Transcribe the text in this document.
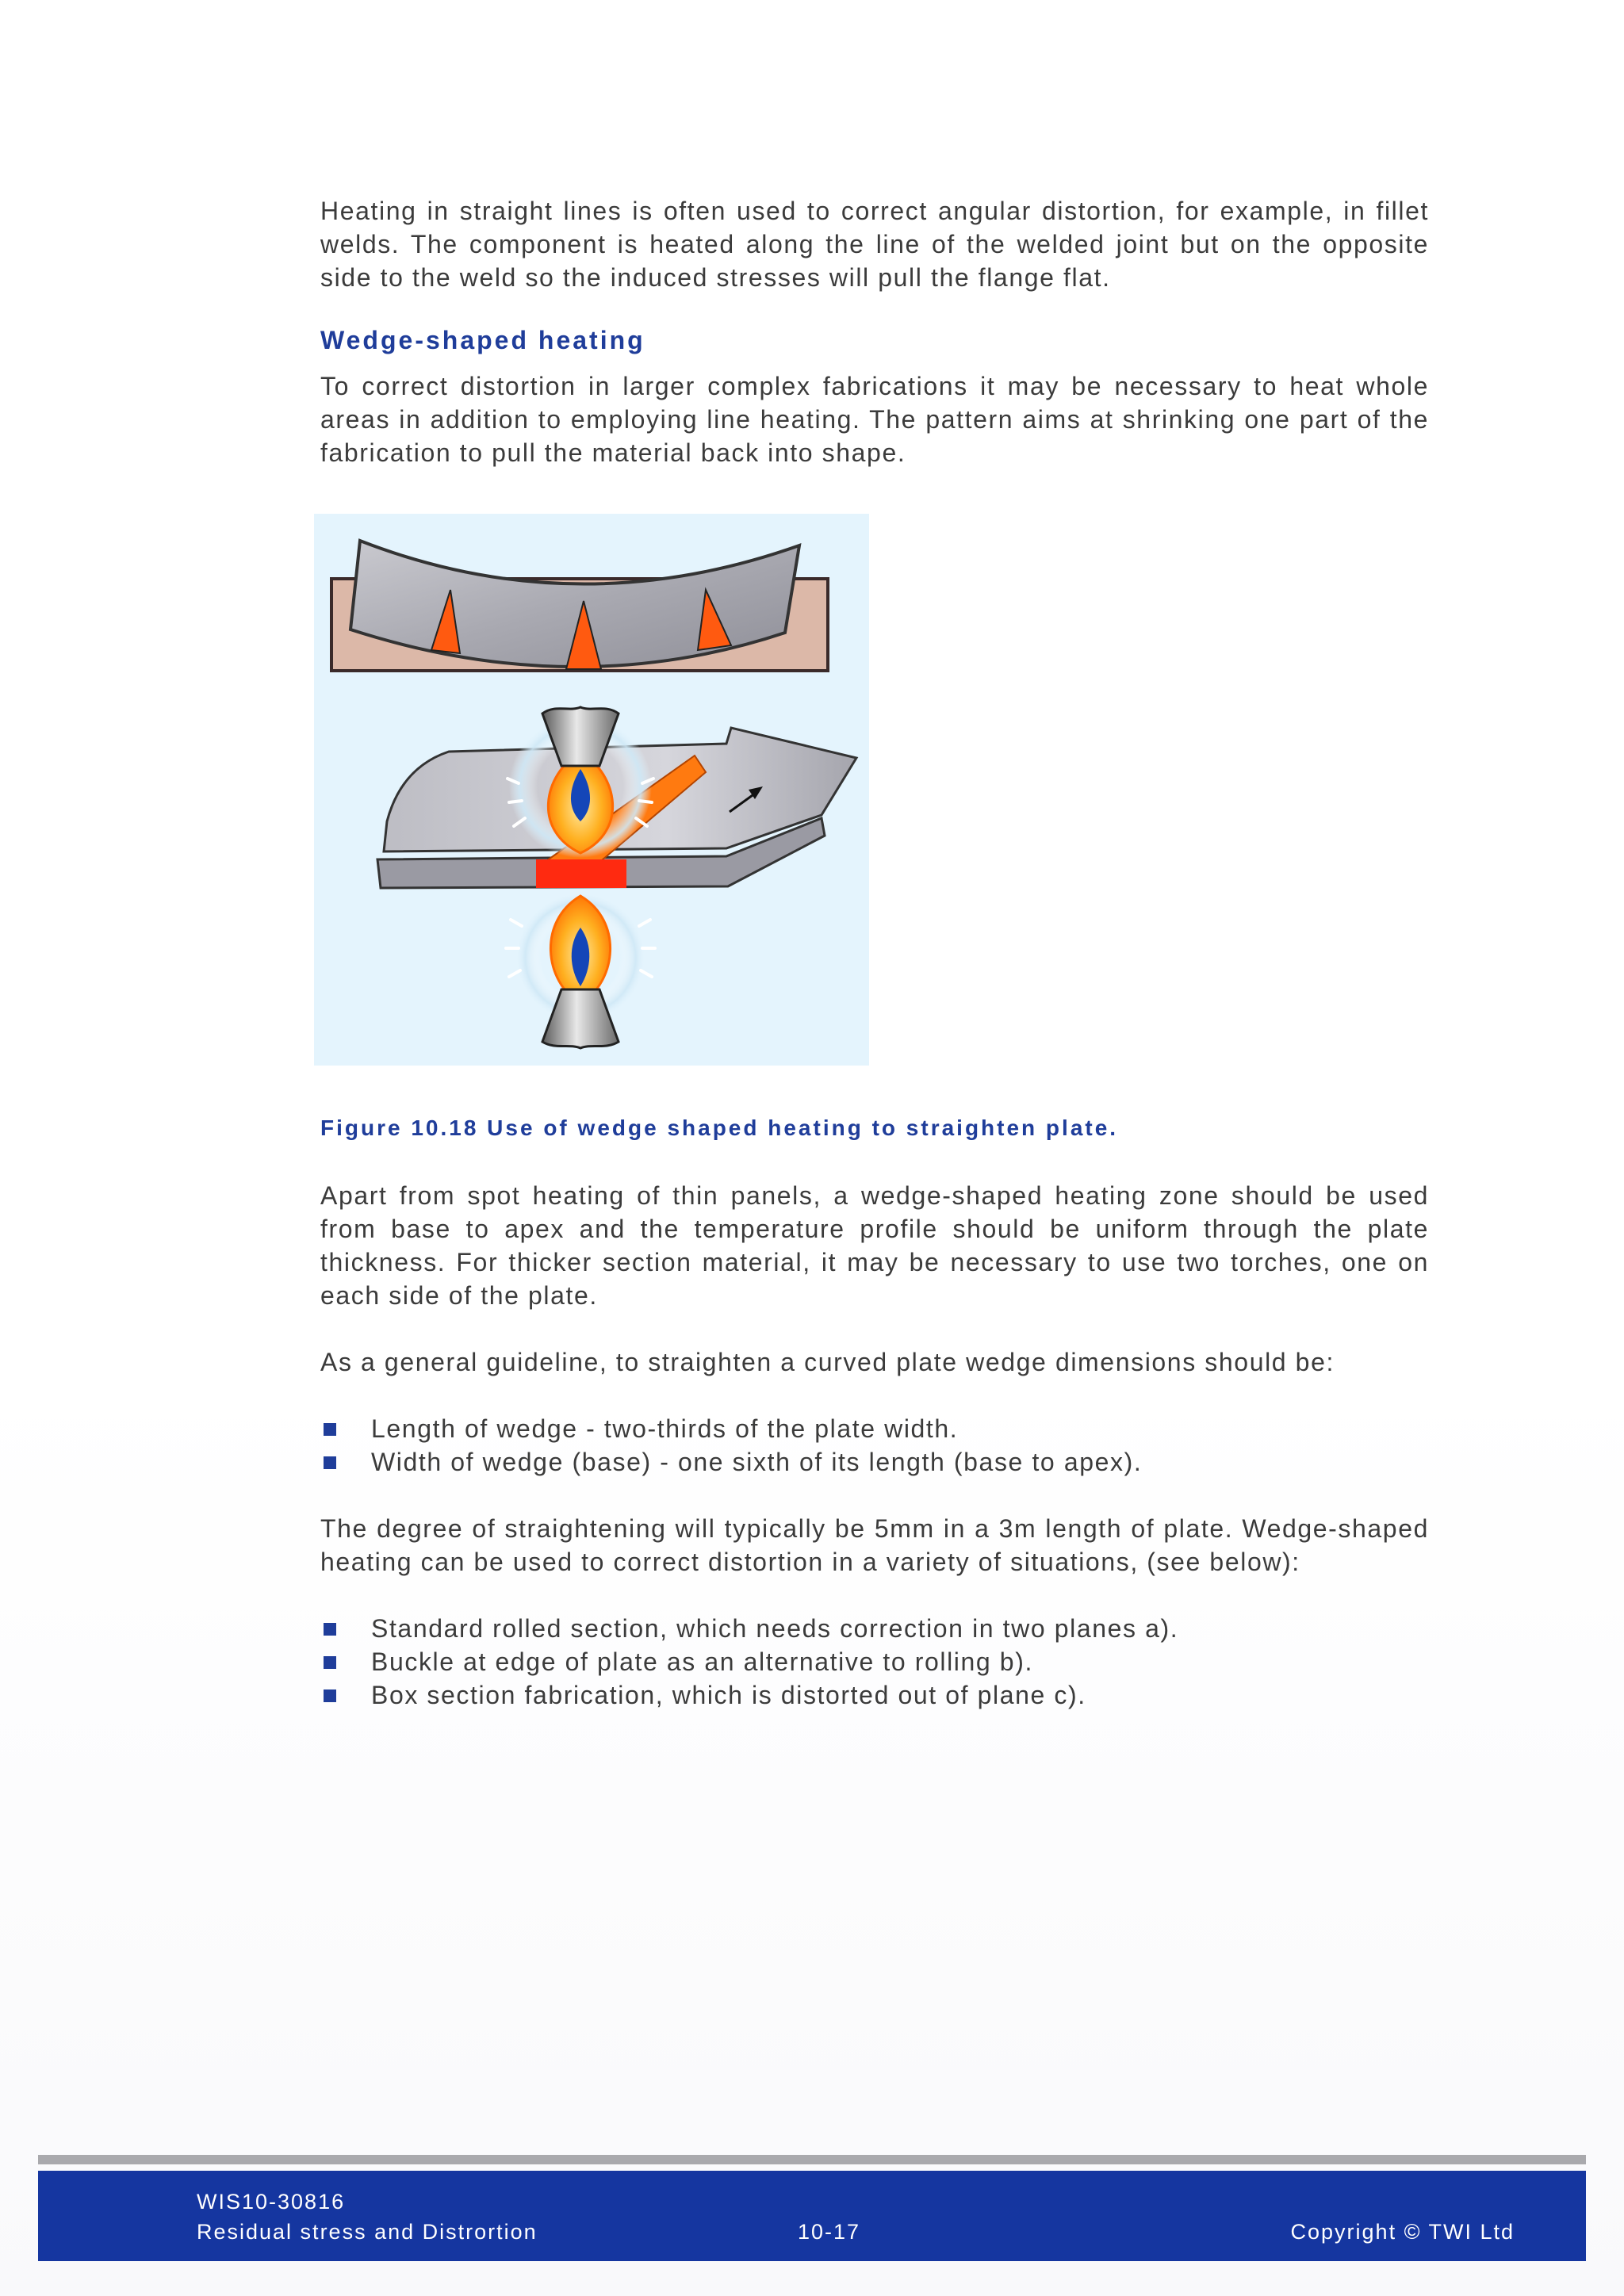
Heating in straight lines is often used to correct angular distortion, for example, in fillet welds. The component is heated along the line of the welded joint but on the opposite side to the weld so the induced stresses will pull the flange flat.

Wedge-shaped heating

To correct distortion in larger complex fabrications it may be necessary to heat whole areas in addition to employing line heating. The pattern aims at shrinking one part of the fabrication to pull the material back into shape.

Figure 10.18 Use of wedge shaped heating to straighten plate.

Apart from spot heating of thin panels, a wedge-shaped heating zone should be used from base to apex and the temperature profile should be uniform through the plate thickness. For thicker section material, it may be necessary to use two torches, one on each side of the plate.

As a general guideline, to straighten a curved plate wedge dimensions should be:

Length of wedge - two-thirds of the plate width.
Width of wedge (base) - one sixth of its length (base to apex).

The degree of straightening will typically be 5mm in a 3m length of plate. Wedge-shaped heating can be used to correct distortion in a variety of situations, (see below):

Standard rolled section, which needs correction in two planes a).
Buckle at edge of plate as an alternative to rolling b).
Box section fabrication, which is distorted out of plane c).
WIS10-30816
Residual stress and Distrortion	10-17	Copyright © TWI Ltd
